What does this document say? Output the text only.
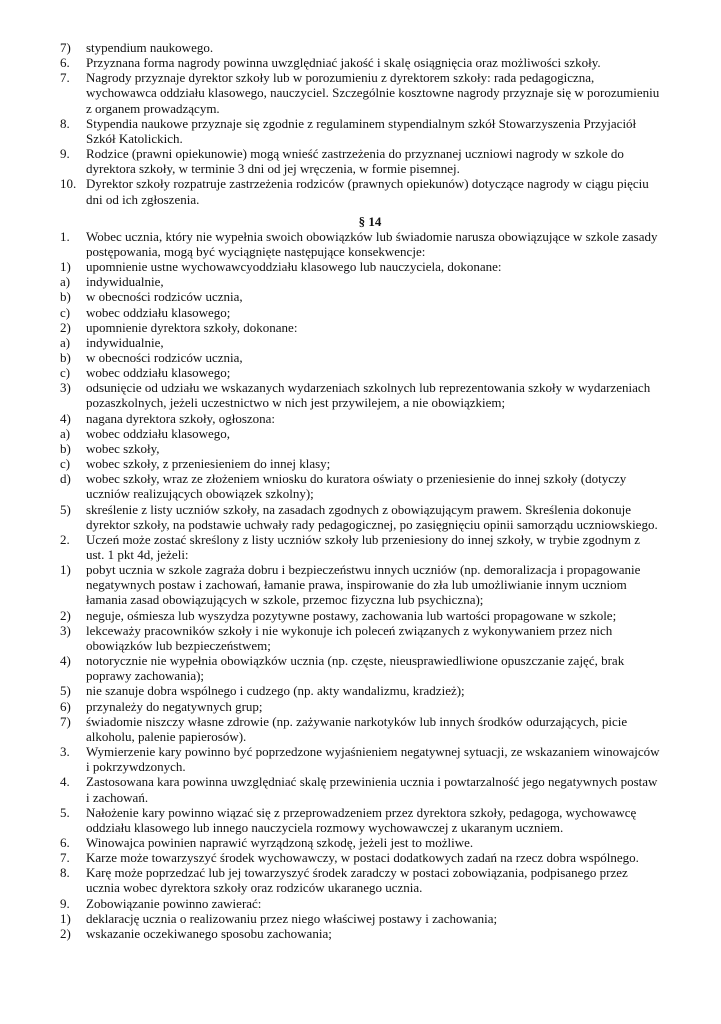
7)	stypendium naukowego.
6.	Przyznana forma nagrody powinna uwzględniać jakość i skalę osiągnięcia oraz możliwości szkoły.
7.	Nagrody przyznaje dyrektor szkoły lub w porozumieniu z dyrektorem szkoły: rada pedagogiczna,
wychowawca oddziału klasowego, nauczyciel. Szczególnie kosztowne nagrody przyznaje się w porozumieniu
z organem prowadzącym.
8.	Stypendia naukowe przyznaje się zgodnie z regulaminem stypendialnym szkół Stowarzyszenia Przyjaciół
Szkół Katolickich.
9.	Rodzice (prawni opiekunowie) mogą wnieść zastrzeżenia do przyznanej uczniowi nagrody w szkole do
dyrektora szkoły, w terminie 3 dni od jej wręczenia, w formie pisemnej.
10. Dyrektor szkoły rozpatruje zastrzeżenia rodziców (prawnych opiekunów) dotyczące nagrody w ciągu pięciu
dni od ich zgłoszenia.
§ 14
1.	Wobec ucznia, który nie wypełnia swoich obowiązków lub świadomie narusza obowiązujące w szkole zasady
postępowania, mogą być wyciągnięte następujące konsekwencje:
1)	upomnienie ustne wychowawcyoddziału klasowego lub nauczyciela, dokonane:
a)	indywidualnie,
b)	w obecności rodziców ucznia,
c)	wobec oddziału klasowego;
2)	upomnienie dyrektora szkoły, dokonane:
a)	indywidualnie,
b)	w obecności rodziców ucznia,
c)	wobec oddziału klasowego;
3)	odsunięcie od udziału we wskazanych wydarzeniach szkolnych lub reprezentowania szkoły w wydarzeniach
pozaszkolnych, jeżeli uczestnictwo w nich jest przywilejem, a nie obowiązkiem;
4)	nagana dyrektora szkoły, ogłoszona:
a)	wobec oddziału klasowego,
b)	wobec szkoły,
c)	wobec szkoły, z przeniesieniem do innej klasy;
d)	wobec szkoły, wraz ze złożeniem wniosku do kuratora oświaty o przeniesienie do innej szkoły (dotyczy
uczniów realizujących obowiązek szkolny);
5)	skreślenie z listy uczniów szkoły, na zasadach zgodnych z obowiązującym prawem. Skreślenia dokonuje
dyrektor szkoły, na podstawie uchwały rady pedagogicznej, po zasięgnięciu opinii samorządu uczniowskiego.
2.	Uczeń może zostać skreślony z listy uczniów szkoły lub przeniesiony do innej szkoły, w trybie zgodnym z
ust. 1 pkt 4d, jeżeli:
1)	pobyt ucznia w szkole zagraża dobru i bezpieczeństwu innych uczniów (np. demoralizacja i propagowanie
negatywnych postaw i zachowań, łamanie prawa, inspirowanie do zła lub umożliwianie innym uczniom
łamania zasad obowiązujących w szkole, przemoc fizyczna lub psychiczna);
2)	neguje, ośmiesza lub wyszydza pozytywne postawy, zachowania lub wartości propagowane w szkole;
3)	lekceważy pracowników szkoły i nie wykonuje ich poleceń związanych z wykonywaniem przez nich
obowiązków lub bezpieczeństwem;
4)	notorycznie nie wypełnia obowiązków ucznia (np. częste, nieusprawiedliwione opuszczanie zajęć, brak
poprawy zachowania);
5)	nie szanuje dobra wspólnego i cudzego (np. akty wandalizmu, kradzież);
6)	przynależy do negatywnych grup;
7)	świadomie niszczy własne zdrowie (np. zażywanie narkotyków lub innych środków odurzających, picie
alkoholu, palenie papierosów).
3.	Wymierzenie kary powinno być poprzedzone wyjaśnieniem negatywnej sytuacji, ze wskazaniem winowajców
i pokrzywdzonych.
4.	Zastosowana kara powinna uwzględniać skalę przewinienia ucznia i powtarzalność jego negatywnych postaw
i zachowań.
5.	Nałożenie kary powinno wiązać się z przeprowadzeniem przez dyrektora szkoły, pedagoga, wychowawcę
oddziału klasowego lub innego nauczyciela rozmowy wychowawczej z ukaranym uczniem.
6.	Winowajca powinien naprawić wyrządzoną szkodę, jeżeli jest to możliwe.
7.	Karze może towarzyszyć środek wychowawczy, w postaci dodatkowych zadań na rzecz dobra wspólnego.
8.	Karę może poprzedzać lub jej towarzyszyć środek zaradczy w postaci zobowiązania, podpisanego przez
ucznia wobec dyrektora szkoły oraz rodziców ukaranego ucznia.
9.	Zobowiązanie powinno zawierać:
1)	deklarację ucznia o realizowaniu przez niego właściwej postawy i zachowania;
2)	wskazanie oczekiwanego sposobu zachowania;
